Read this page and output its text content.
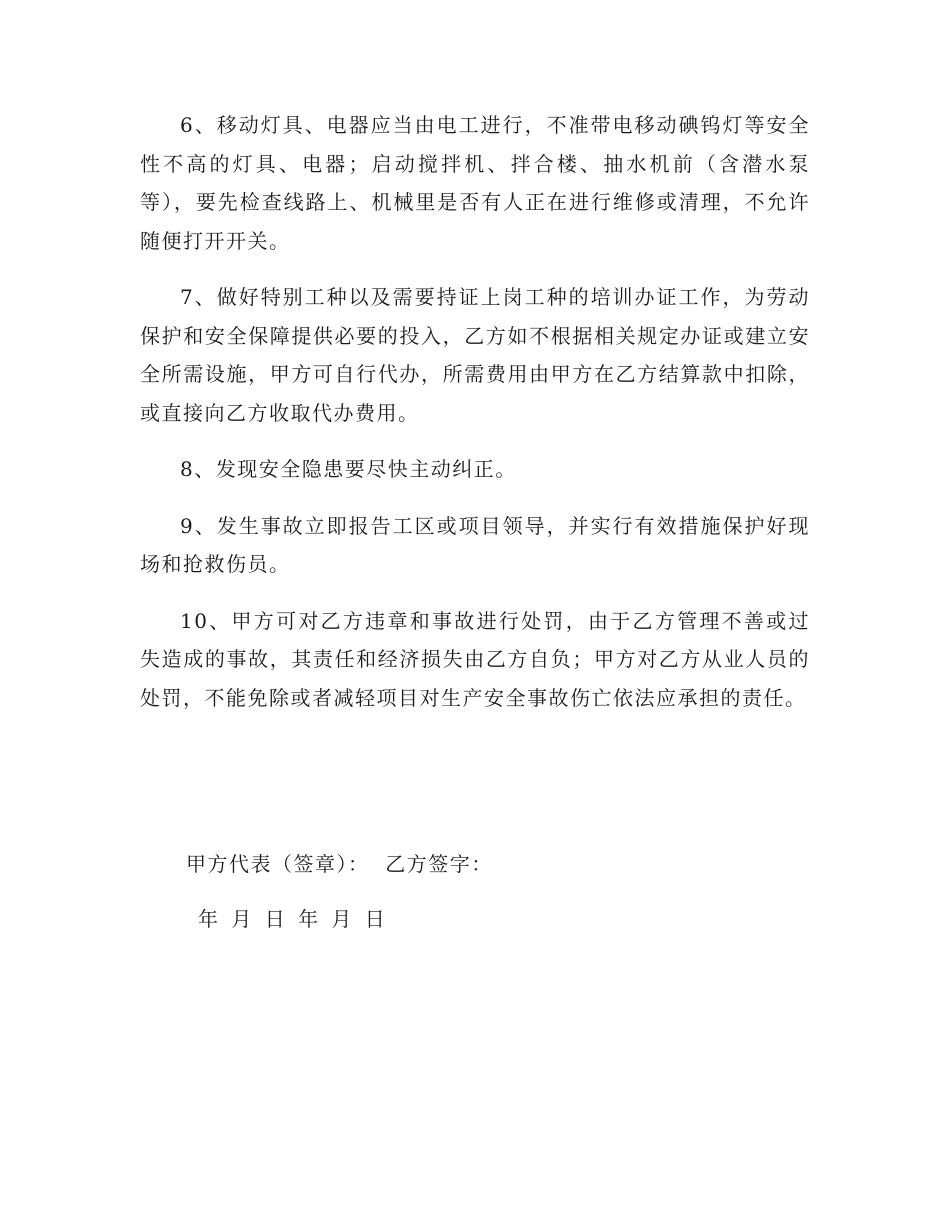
6、移动灯具、电器应当由电工进行，不准带电移动碘钨灯等安全性不高的灯具、电器；启动搅拌机、拌合楼、抽水机前（含潜水泵等），要先检查线路上、机械里是否有人正在进行维修或清理，不允许随便打开开关。

7、做好特别工种以及需要持证上岗工种的培训办证工作，为劳动保护和安全保障提供必要的投入，乙方如不根据相关规定办证或建立安全所需设施，甲方可自行代办，所需费用由甲方在乙方结算款中扣除，或直接向乙方收取代办费用。

8、发现安全隐患要尽快主动纠正。

9、发生事故立即报告工区或项目领导，并实行有效措施保护好现场和抢救伤员。

10、甲方可对乙方违章和事故进行处罚，由于乙方管理不善或过失造成的事故，其责任和经济损失由乙方自负；甲方对乙方从业人员的处罚，不能免除或者减轻项目对生产安全事故伤亡依法应承担的责任。

甲方代表（签章）：  乙方签字：
年 月 日 年 月 日
